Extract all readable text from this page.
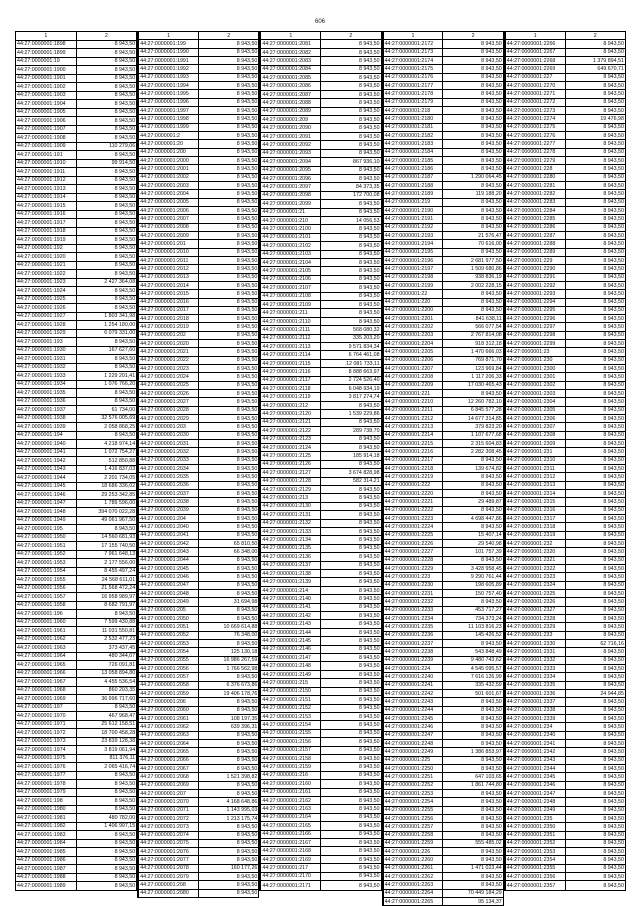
606
1	2
44:27:0000001:1898	8 943,50
44:27:0000001:1899	8 943,50
44:27:0000001:19	8 943,50
44:27:0000001:1900	8 943,50
44:27:0000001:1901	8 943,50
44:27:0000001:1902	8 943,50
44:27:0000001:1903	8 943,50
44:27:0000001:1904	8 943,50
44:27:0000001:1905	8 943,50
44:27:0000001:1906	8 943,50
44:27:0000001:1907	8 943,50
44:27:0000001:1908	8 943,50
44:27:0000001:1909	110 279,06
44:27:0000001:191	8 943,50
44:27:0000001:1910	99 914,50
44:27:0000001:1911	8 943,50
44:27:0000001:1912	8 943,50
44:27:0000001:1913	8 943,50
44:27:0000001:1914	8 943,50
44:27:0000001:1915	8 943,50
44:27:0000001:1916	8 943,50
44:27:0000001:1917	8 943,50
44:27:0000001:1918	8 943,50
44:27:0000001:1919	8 943,50
44:27:0000001:192	8 943,50
44:27:0000001:1920	8 943,50
44:27:0000001:1921	8 943,50
44:27:0000001:1922	8 943,50
44:27:0000001:1923	2 427 364,08
44:27:0000001:1924	8 943,50
44:27:0000001:1925	8 943,50
44:27:0000001:1926	8 943,50
44:27:0000001:1927	1 803 341,98
44:27:0000001:1928	1 254 180,00
44:27:0000001:1929	6 079 331,00
44:27:0000001:193	8 943,50
44:27:0000001:1930	167 627,60
44:27:0000001:1931	8 943,50
44:27:0000001:1932	8 943,50
44:27:0000001:1933	1 229 201,41
44:27:0000001:1934	1 076 766,20
44:27:0000001:1935	8 943,50
44:27:0000001:1936	8 943,50
44:27:0000001:1937	61 734,00
44:27:0000001:1938	32 576 005,69
44:27:0000001:1939	2 058 868,25
44:27:0000001:194	8 943,50
44:27:0000001:1940	4 218 974,14
44:27:0000001:1941	1 072 754,27
44:27:0000001:1942	512 850,88
44:27:0000001:1943	1 416 837,03
44:27:0000001:1944	2 201 734,05
44:27:0000001:1945	18 686 336,02
44:27:0000001:1946	29 253 342,85
44:27:0000001:1947	1 789 596,00
44:27:0000001:1948	394 070 022,28
44:27:0000001:1949	49 061 967,50
44:27:0000001:195	8 943,50
44:27:0000001:1950	14 560 681,93
44:27:0000001:1951	17 155 740,50
44:27:0000001:1952	7 961 648,13
44:27:0000001:1953	2 177 556,00
44:27:0000001:1954	8 455 497,24
44:27:0000001:1955	24 568 611,01
44:27:0000001:1956	21 568 472,24
44:27:0000001:1957	16 958 989,97
44:27:0000001:1958	8 682 791,97
44:27:0000001:196	8 943,50
44:27:0000001:1960	7 599 430,88
44:27:0000001:1961	11 031 550,81
44:27:0000001:1962	2 532 477,23
44:27:0000001:1963	373 437,45
44:27:0000001:1964	480 344,07
44:27:0000001:1965	726 091,81
44:27:0000001:1966	13 058 894,80
44:27:0000001:1967	4 455 536,54
44:27:0000001:1968	860 203,35
44:27:0000001:1969	36 996 717,60
44:27:0000001:197	8 943,50
44:27:0000001:1970	467 968,47
44:27:0000001:1971	25 612 158,51
44:27:0000001:1972	18 700 458,28
44:27:0000001:1973	23 839 128,38
44:27:0000001:1974	3 819 061,94
44:27:0000001:1975	811 376,11
44:27:0000001:1976	2 065 416,74
44:27:0000001:1977	8 943,50
44:27:0000001:1978	8 943,50
44:27:0000001:1979	8 943,50
44:27:0000001:198	8 943,50
44:27:0000001:1980	8 943,50
44:27:0000001:1981	480 782,00
44:27:0000001:1982	1 406 997,15
44:27:0000001:1983	8 943,50
44:27:0000001:1984	8 943,50
44:27:0000001:1985	8 943,50
44:27:0000001:1986	8 943,50
44:27:0000001:1987	8 943,50
44:27:0000001:1988	8 943,50
44:27:0000001:1989	8 943,50
1	2
44:27:0000001:199	8 943,50
44:27:0000001:1990	8 943,50
44:27:0000001:1991	8 943,50
44:27:0000001:1992	8 943,50
44:27:0000001:1993	8 943,50
44:27:0000001:1994	8 943,50
44:27:0000001:1995	8 943,50
44:27:0000001:1996	8 943,50
44:27:0000001:1997	8 943,50
44:27:0000001:1998	8 943,50
44:27:0000001:1999	8 943,50
44:27:0000001:2	8 943,50
44:27:0000001:20	8 943,50
44:27:0000001:200	8 943,50
44:27:0000001:2000	8 943,50
44:27:0000001:2001	8 943,50
44:27:0000001:2002	8 943,50
44:27:0000001:2003	8 943,50
44:27:0000001:2004	8 943,50
44:27:0000001:2005	8 943,50
44:27:0000001:2006	8 943,50
44:27:0000001:2007	8 943,50
44:27:0000001:2008	8 943,50
44:27:0000001:2009	8 943,50
44:27:0000001:201	8 943,50
44:27:0000001:2010	8 943,50
44:27:0000001:2011	8 943,50
44:27:0000001:2012	8 943,50
44:27:0000001:2013	8 943,50
44:27:0000001:2014	8 943,50
44:27:0000001:2015	8 943,50
44:27:0000001:2016	8 943,50
44:27:0000001:2017	8 943,50
44:27:0000001:2018	8 943,50
44:27:0000001:2019	8 943,50
44:27:0000001:202	8 943,50
44:27:0000001:2020	8 943,50
44:27:0000001:2021	8 943,50
44:27:0000001:2022	8 943,50
44:27:0000001:2023	8 943,50
44:27:0000001:2024	8 943,50
44:27:0000001:2025	8 943,50
44:27:0000001:2026	8 943,50
44:27:0000001:2027	8 943,50
44:27:0000001:2028	8 943,50
44:27:0000001:2029	8 943,50
44:27:0000001:203	8 943,50
44:27:0000001:2030	8 943,50
44:27:0000001:2031	8 943,50
44:27:0000001:2032	8 943,50
44:27:0000001:2033	8 943,50
44:27:0000001:2034	8 943,50
44:27:0000001:2035	8 943,50
44:27:0000001:2036	8 943,50
44:27:0000001:2037	8 943,50
44:27:0000001:2038	8 943,50
44:27:0000001:2039	8 943,50
44:27:0000001:204	8 943,50
44:27:0000001:2040	8 943,50
44:27:0000001:2041	8 943,50
44:27:0000001:2042	65 810,50
44:27:0000001:2043	66 348,00
44:27:0000001:2044	8 943,50
44:27:0000001:2045	8 943,50
44:27:0000001:2046	8 943,50
44:27:0000001:2047	8 943,50
44:27:0000001:2048	8 943,50
44:27:0000001:2049	31 694,98
44:27:0000001:205	8 943,50
44:27:0000001:2050	8 943,50
44:27:0000001:2051	10 669 614,88
44:27:0000001:2052	76 348,00
44:27:0000001:2053	8 943,50
44:27:0000001:2054	125 130,18
44:27:0000001:2055	16 986 267,59
44:27:0000001:2056	1 766 562,98
44:27:0000001:2057	8 943,50
44:27:0000001:2058	6 376 673,86
44:27:0000001:2059	19 406 178,76
44:27:0000001:206	8 943,50
44:27:0000001:2060	8 943,50
44:27:0000001:2061	108 197,35
44:27:0000001:2062	639 396,31
44:27:0000001:2063	8 943,50
44:27:0000001:2064	8 943,50
44:27:0000001:2065	8 943,50
44:27:0000001:2066	8 943,50
44:27:0000001:2067	8 943,50
44:27:0000001:2068	1 521 398,82
44:27:0000001:2069	8 943,50
44:27:0000001:207	8 943,50
44:27:0000001:2070	4 168 648,86
44:27:0000001:2071	1 143 995,03
44:27:0000001:2072	1 213 175,74
44:27:0000001:2073	8 943,50
44:27:0000001:2074	8 943,50
44:27:0000001:2075	8 943,50
44:27:0000001:2076	8 943,50
44:27:0000001:2077	8 943,50
44:27:0000001:2078	160 177,26
44:27:0000001:2079	8 943,50
44:27:0000001:208	8 943,50
44:27:0000001:2080	8 943,50
1	2
44:27:0000001:2081	8 943,50
44:27:0000001:2082	8 943,50
44:27:0000001:2083	8 943,50
44:27:0000001:2084	8 943,50
44:27:0000001:2085	8 943,50
44:27:0000001:2086	8 943,50
44:27:0000001:2087	8 943,50
44:27:0000001:2088	8 943,50
44:27:0000001:2089	8 943,50
44:27:0000001:209	8 943,50
44:27:0000001:2090	8 943,50
44:27:0000001:2091	8 943,50
44:27:0000001:2092	8 943,50
44:27:0000001:2093	8 943,50
44:27:0000001:2094	867 936,10
44:27:0000001:2095	8 943,50
44:27:0000001:2096	8 943,50
44:27:0000001:2097	84 373,35
44:27:0000001:2098	172 700,08
44:27:0000001:2099	8 943,50
44:27:0000001:21	8 943,50
44:27:0000001:210	14 056,53
44:27:0000001:2100	8 943,50
44:27:0000001:2101	8 943,50
44:27:0000001:2102	8 943,50
44:27:0000001:2103	8 943,50
44:27:0000001:2104	8 943,50
44:27:0000001:2105	8 943,50
44:27:0000001:2106	8 943,50
44:27:0000001:2107	8 943,50
44:27:0000001:2108	8 943,50
44:27:0000001:2109	8 943,50
44:27:0000001:211	8 943,50
44:27:0000001:2110	8 943,50
44:27:0000001:2111	568 080,32
44:27:0000001:2112	335 203,20
44:27:0000001:2113	9 571 834,34
44:27:0000001:2114	6 764 461,08
44:27:0000001:2115	12 081 733,11
44:27:0000001:2116	8 888 663,97
44:27:0000001:2117	2 724 526,40
44:27:0000001:2118	6 048 934,19
44:27:0000001:2119	3 817 274,74
44:27:0000001:212	8 943,50
44:27:0000001:2120	1 539 229,86
44:27:0000001:2121	8 943,50
44:27:0000001:2122	289 738,70
44:27:0000001:2123	8 943,50
44:27:0000001:2124	8 943,50
44:27:0000001:2125	185 914,18
44:27:0000001:2126	8 943,50
44:27:0000001:2127	3 674 828,98
44:27:0000001:2128	582 314,21
44:27:0000001:2129	8 943,50
44:27:0000001:213	8 943,50
44:27:0000001:2130	8 943,50
44:27:0000001:2131	8 943,50
44:27:0000001:2132	8 943,50
44:27:0000001:2133	8 943,50
44:27:0000001:2134	8 943,50
44:27:0000001:2135	8 943,50
44:27:0000001:2136	8 943,50
44:27:0000001:2137	8 943,50
44:27:0000001:2138	8 943,50
44:27:0000001:2139	8 943,50
44:27:0000001:214	8 943,50
44:27:0000001:2140	8 943,50
44:27:0000001:2141	8 943,50
44:27:0000001:2142	8 943,50
44:27:0000001:2143	8 943,50
44:27:0000001:2144	8 943,50
44:27:0000001:2145	8 943,50
44:27:0000001:2146	8 943,50
44:27:0000001:2147	8 943,50
44:27:0000001:2148	8 943,50
44:27:0000001:2149	8 943,50
44:27:0000001:215	8 943,50
44:27:0000001:2150	8 943,50
44:27:0000001:2151	8 943,50
44:27:0000001:2152	8 943,50
44:27:0000001:2153	8 943,50
44:27:0000001:2154	8 943,50
44:27:0000001:2155	8 943,50
44:27:0000001:2156	8 943,50
44:27:0000001:2157	8 943,50
44:27:0000001:2158	8 943,50
44:27:0000001:2159	8 943,50
44:27:0000001:216	8 943,50
44:27:0000001:2160	8 943,50
44:27:0000001:2161	8 943,50
44:27:0000001:2162	8 943,50
44:27:0000001:2163	8 943,50
44:27:0000001:2164	8 943,50
44:27:0000001:2165	8 943,50
44:27:0000001:2166	8 943,50
44:27:0000001:2167	8 943,50
44:27:0000001:2168	8 943,50
44:27:0000001:2169	8 943,50
44:27:0000001:217	8 943,50
44:27:0000001:2170	8 943,50
44:27:0000001:2171	8 943,50
1	2
44:27:0000001:2172	8 943,50
44:27:0000001:2173	8 943,50
44:27:0000001:2174	8 943,50
44:27:0000001:2175	8 943,50
44:27:0000001:2176	8 943,50
44:27:0000001:2177	8 943,50
44:27:0000001:2178	8 943,50
44:27:0000001:2179	8 943,50
44:27:0000001:218	8 943,50
44:27:0000001:2180	8 943,50
44:27:0000001:2181	8 943,50
44:27:0000001:2182	8 943,50
44:27:0000001:2183	8 943,50
44:27:0000001:2184	8 943,50
44:27:0000001:2185	8 943,50
44:27:0000001:2186	8 943,50
44:27:0000001:2187	1 290 064,45
44:27:0000001:2188	8 943,50
44:27:0000001:2189	119 188,20
44:27:0000001:219	8 943,50
44:27:0000001:2190	8 943,50
44:27:0000001:2191	8 943,50
44:27:0000001:2192	8 943,50
44:27:0000001:2193	21 576,47
44:27:0000001:2194	70 616,00
44:27:0000001:2195	8 943,50
44:27:0000001:2196	2 681 977,50
44:27:0000001:2197	1 509 680,86
44:27:0000001:2198	938 836,19
44:27:0000001:2199	2 002 228,15
44:27:0000001:22	8 943,50
44:27:0000001:220	8 943,50
44:27:0000001:2200	8 943,50
44:27:0000001:2201	841 638,11
44:27:0000001:2202	566 077,54
44:27:0000001:2203	2 767 814,08
44:27:0000001:2204	918 312,18
44:27:0000001:2205	1 470 666,03
44:27:0000001:2206	769 871,70
44:27:0000001:2207	123 969,84
44:27:0000001:2208	1 117 206,33
44:27:0000001:2209	17 030 465,43
44:27:0000001:221	8 943,50
44:27:0000001:2210	12 260 782,10
44:27:0000001:2211	6 845 577,28
44:27:0000001:2212	14 677 314,85
44:27:0000001:2213	379 823,20
44:27:0000001:2214	1 107 677,68
44:27:0000001:2215	2 315 604,83
44:27:0000001:2216	2 282 308,45
44:27:0000001:2217	8 943,50
44:27:0000001:2218	139 674,82
44:27:0000001:2219	8 943,50
44:27:0000001:222	8 943,50
44:27:0000001:2220	8 943,50
44:27:0000001:2221	29 489,87
44:27:0000001:2222	8 943,50
44:27:0000001:2223	4 698 447,86
44:27:0000001:2224	8 943,50
44:27:0000001:2225	15 407,14
44:27:0000001:2226	29 540,98
44:27:0000001:2227	101 757,39
44:27:0000001:2228	8 943,50
44:27:0000001:2229	3 428 958,45
44:27:0000001:223	9 290 761,44
44:27:0000001:2230	198 605,89
44:27:0000001:2231	150 757,40
44:27:0000001:2232	8 943,50
44:27:0000001:2233	453 717,27
44:27:0000001:2234	734 373,24
44:27:0000001:2235	11 103 816,23
44:27:0000001:2236	145 426,52
44:27:0000001:2237	8 943,50
44:27:0000001:2238	543 848,49
44:27:0000001:2239	9 480 743,62
44:27:0000001:224	4 545 095,57
44:27:0000001:2240	7 616 126,99
44:27:0000001:2241	335 432,59
44:27:0000001:2242	501 601,67
44:27:0000001:2243	8 943,50
44:27:0000001:2244	8 943,50
44:27:0000001:2245	8 943,50
44:27:0000001:2246	8 943,50
44:27:0000001:2247	8 943,50
44:27:0000001:2248	8 943,50
44:27:0000001:2249	1 386 853,97
44:27:0000001:225	8 943,50
44:27:0000001:2250	8 943,50
44:27:0000001:2251	647 103,65
44:27:0000001:2252	1 861 744,80
44:27:0000001:2253	8 943,50
44:27:0000001:2254	8 943,50
44:27:0000001:2255	8 943,50
44:27:0000001:2256	8 943,50
44:27:0000001:2257	8 943,50
44:27:0000001:2258	8 943,50
44:27:0000001:2259	555 485,02
44:27:0000001:226	8 943,50
44:27:0000001:2260	8 943,50
44:27:0000001:2261	1 471 023,44
44:27:0000001:2262	8 943,50
44:27:0000001:2263	8 943,50
44:27:0000001:2264	70 449 184,29
44:27:0000001:2265	95 134,37
1	2
44:27:0000001:2266	8 943,50
44:27:0000001:2267	8 943,50
44:27:0000001:2268	1 379 894,51
44:27:0000001:2269	649 670,71
44:27:0000001:227	8 943,50
44:27:0000001:2270	8 943,50
44:27:0000001:2271	8 943,50
44:27:0000001:2272	8 943,50
44:27:0000001:2273	8 943,50
44:27:0000001:2274	19 476,98
44:27:0000001:2275	8 943,50
44:27:0000001:2276	8 943,50
44:27:0000001:2277	8 943,50
44:27:0000001:2278	8 943,50
44:27:0000001:2279	8 943,50
44:27:0000001:228	8 943,50
44:27:0000001:2280	8 943,50
44:27:0000001:2281	8 943,50
44:27:0000001:2282	8 943,50
44:27:0000001:2283	8 943,50
44:27:0000001:2284	8 943,50
44:27:0000001:2285	8 943,50
44:27:0000001:2286	8 943,50
44:27:0000001:2287	8 943,50
44:27:0000001:2288	8 943,50
44:27:0000001:2289	8 943,50
44:27:0000001:229	8 943,50
44:27:0000001:2290	8 943,50
44:27:0000001:2291	8 943,50
44:27:0000001:2292	8 943,50
44:27:0000001:2293	8 943,50
44:27:0000001:2294	8 943,50
44:27:0000001:2295	8 943,50
44:27:0000001:2296	8 943,50
44:27:0000001:2297	8 943,50
44:27:0000001:2298	8 943,50
44:27:0000001:2299	8 943,50
44:27:0000001:23	8 943,50
44:27:0000001:230	8 943,50
44:27:0000001:2300	8 943,50
44:27:0000001:2301	8 943,50
44:27:0000001:2302	8 943,50
44:27:0000001:2303	8 943,50
44:27:0000001:2304	8 943,50
44:27:0000001:2305	8 943,50
44:27:0000001:2306	8 943,50
44:27:0000001:2307	8 943,50
44:27:0000001:2308	8 943,50
44:27:0000001:2309	8 943,50
44:27:0000001:231	8 943,50
44:27:0000001:2310	8 943,50
44:27:0000001:2311	8 943,50
44:27:0000001:2312	8 943,50
44:27:0000001:2313	8 943,50
44:27:0000001:2314	8 943,50
44:27:0000001:2315	8 943,50
44:27:0000001:2316	8 943,50
44:27:0000001:2317	8 943,50
44:27:0000001:2318	8 943,50
44:27:0000001:2319	8 943,50
44:27:0000001:232	8 943,50
44:27:0000001:2320	8 943,50
44:27:0000001:2321	8 943,50
44:27:0000001:2322	8 943,50
44:27:0000001:2323	8 943,50
44:27:0000001:2324	8 943,50
44:27:0000001:2325	8 943,50
44:27:0000001:2326	8 943,50
44:27:0000001:2327	8 943,50
44:27:0000001:2328	8 943,50
44:27:0000001:2329	8 943,50
44:27:0000001:233	8 943,50
44:27:0000001:2330	62 716,16
44:27:0000001:2331	8 943,50
44:27:0000001:2332	8 943,50
44:27:0000001:2333	8 943,50
44:27:0000001:2334	8 943,50
44:27:0000001:2335	8 943,50
44:27:0000001:2336	24 944,85
44:27:0000001:2337	8 943,50
44:27:0000001:2338	8 943,50
44:27:0000001:2339	8 943,50
44:27:0000001:234	8 943,50
44:27:0000001:2340	8 943,50
44:27:0000001:2341	8 943,50
44:27:0000001:2342	8 943,50
44:27:0000001:2343	8 943,50
44:27:0000001:2344	8 943,50
44:27:0000001:2345	8 943,50
44:27:0000001:2346	8 943,50
44:27:0000001:2347	8 943,50
44:27:0000001:2348	8 943,50
44:27:0000001:2349	8 943,50
44:27:0000001:235	8 943,50
44:27:0000001:2350	8 943,50
44:27:0000001:2351	8 943,50
44:27:0000001:2352	8 943,50
44:27:0000001:2353	8 943,50
44:27:0000001:2354	8 943,50
44:27:0000001:2355	8 943,50
44:27:0000001:2356	8 943,50
44:27:0000001:2357	8 943,50
